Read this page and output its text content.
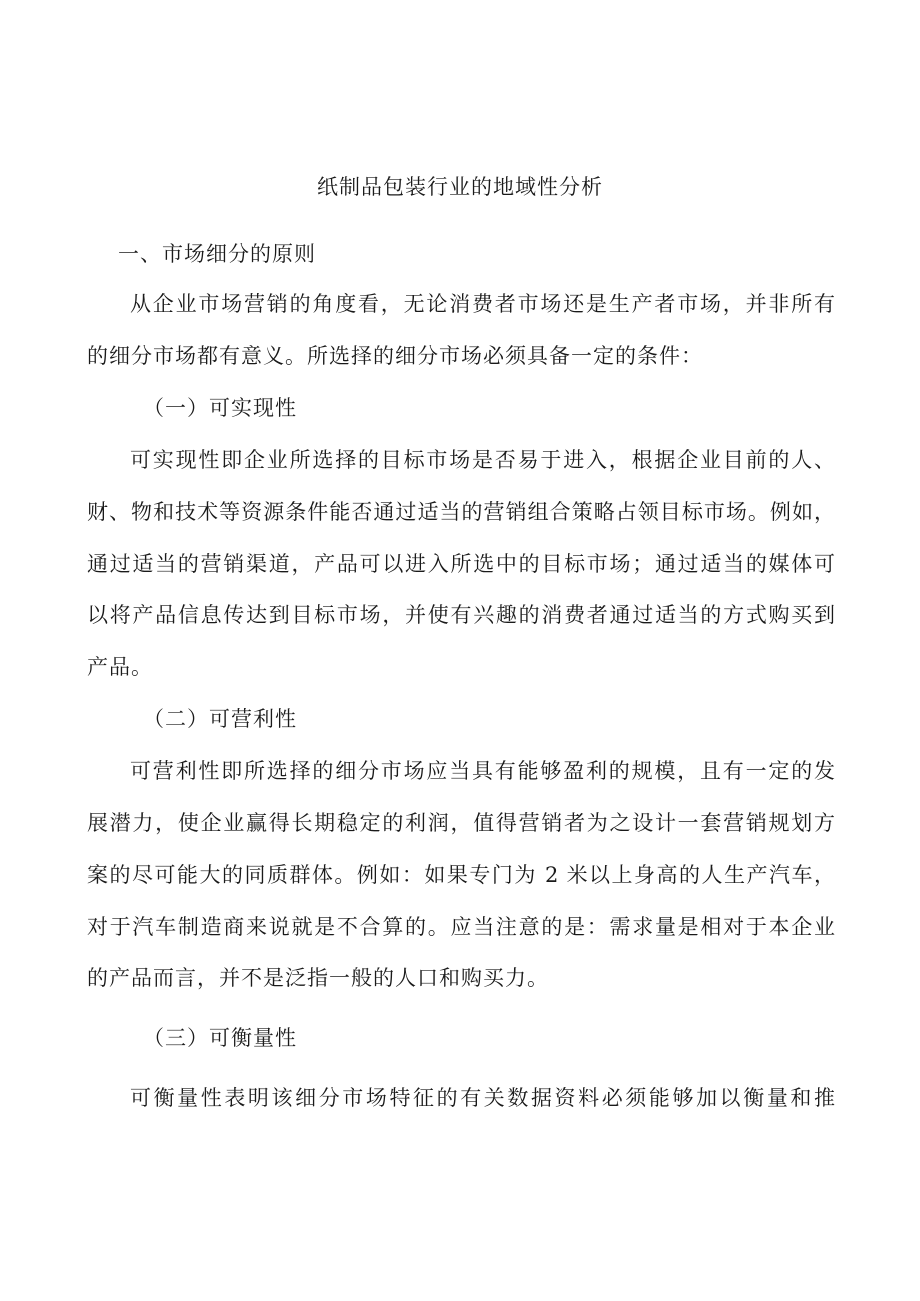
纸制品包装行业的地域性分析
一、市场细分的原则
从企业市场营销的角度看，无论消费者市场还是生产者市场，并非所有
的细分市场都有意义。所选择的细分市场必须具备一定的条件：
（一）可实现性
可实现性即企业所选择的目标市场是否易于进入，根据企业目前的人、
财、物和技术等资源条件能否通过适当的营销组合策略占领目标市场。例如，
通过适当的营销渠道，产品可以进入所选中的目标市场；通过适当的媒体可
以将产品信息传达到目标市场，并使有兴趣的消费者通过适当的方式购买到
产品。
（二）可营利性
可营利性即所选择的细分市场应当具有能够盈利的规模，且有一定的发
展潜力，使企业赢得长期稳定的利润，值得营销者为之设计一套营销规划方
案的尽可能大的同质群体。例如：如果专门为 2 米以上身高的人生产汽车，
对于汽车制造商来说就是不合算的。应当注意的是：需求量是相对于本企业
的产品而言，并不是泛指一般的人口和购买力。
（三）可衡量性
可衡量性表明该细分市场特征的有关数据资料必须能够加以衡量和推
